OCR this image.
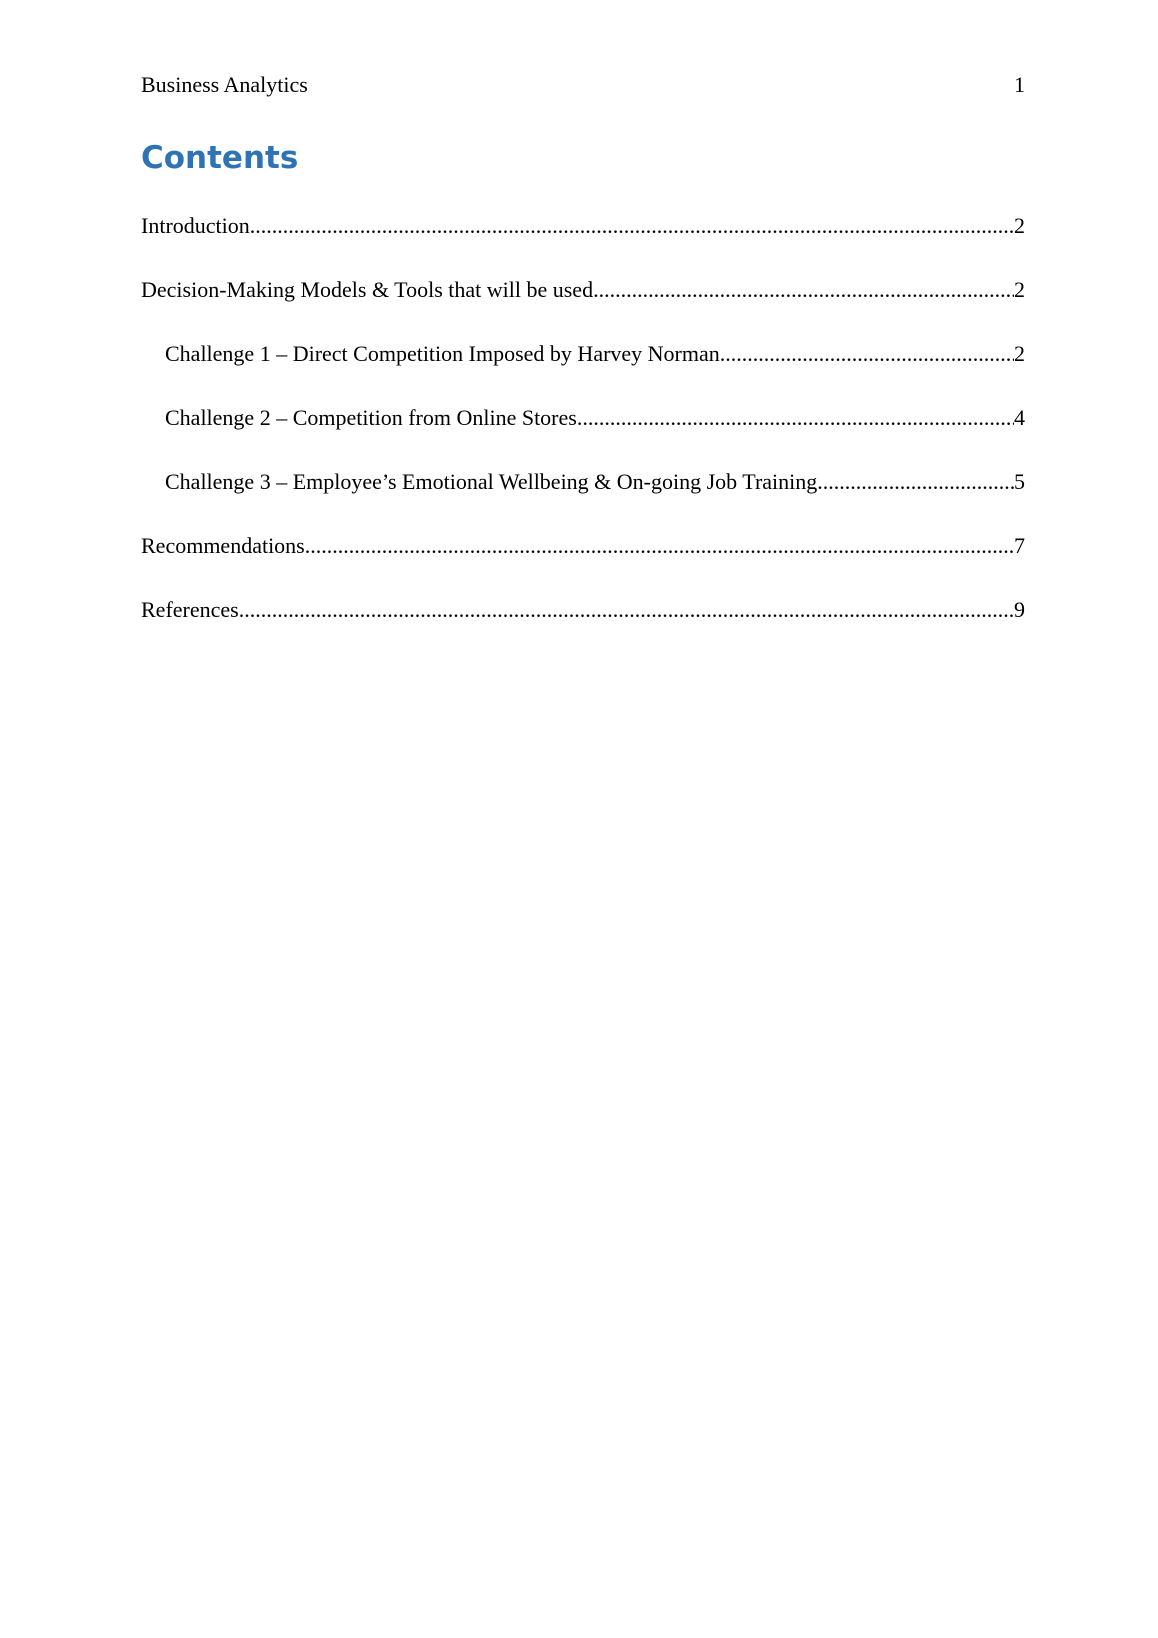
Business Analytics	1
Contents
Introduction .....	2
Decision-Making Models & Tools that will be used .....	2
Challenge 1 – Direct Competition Imposed by Harvey Norman .....	2
Challenge 2 – Competition from Online Stores .....	4
Challenge 3 – Employee’s Emotional Wellbeing & On-going Job Training .....	5
Recommendations .....	7
References .....	9
